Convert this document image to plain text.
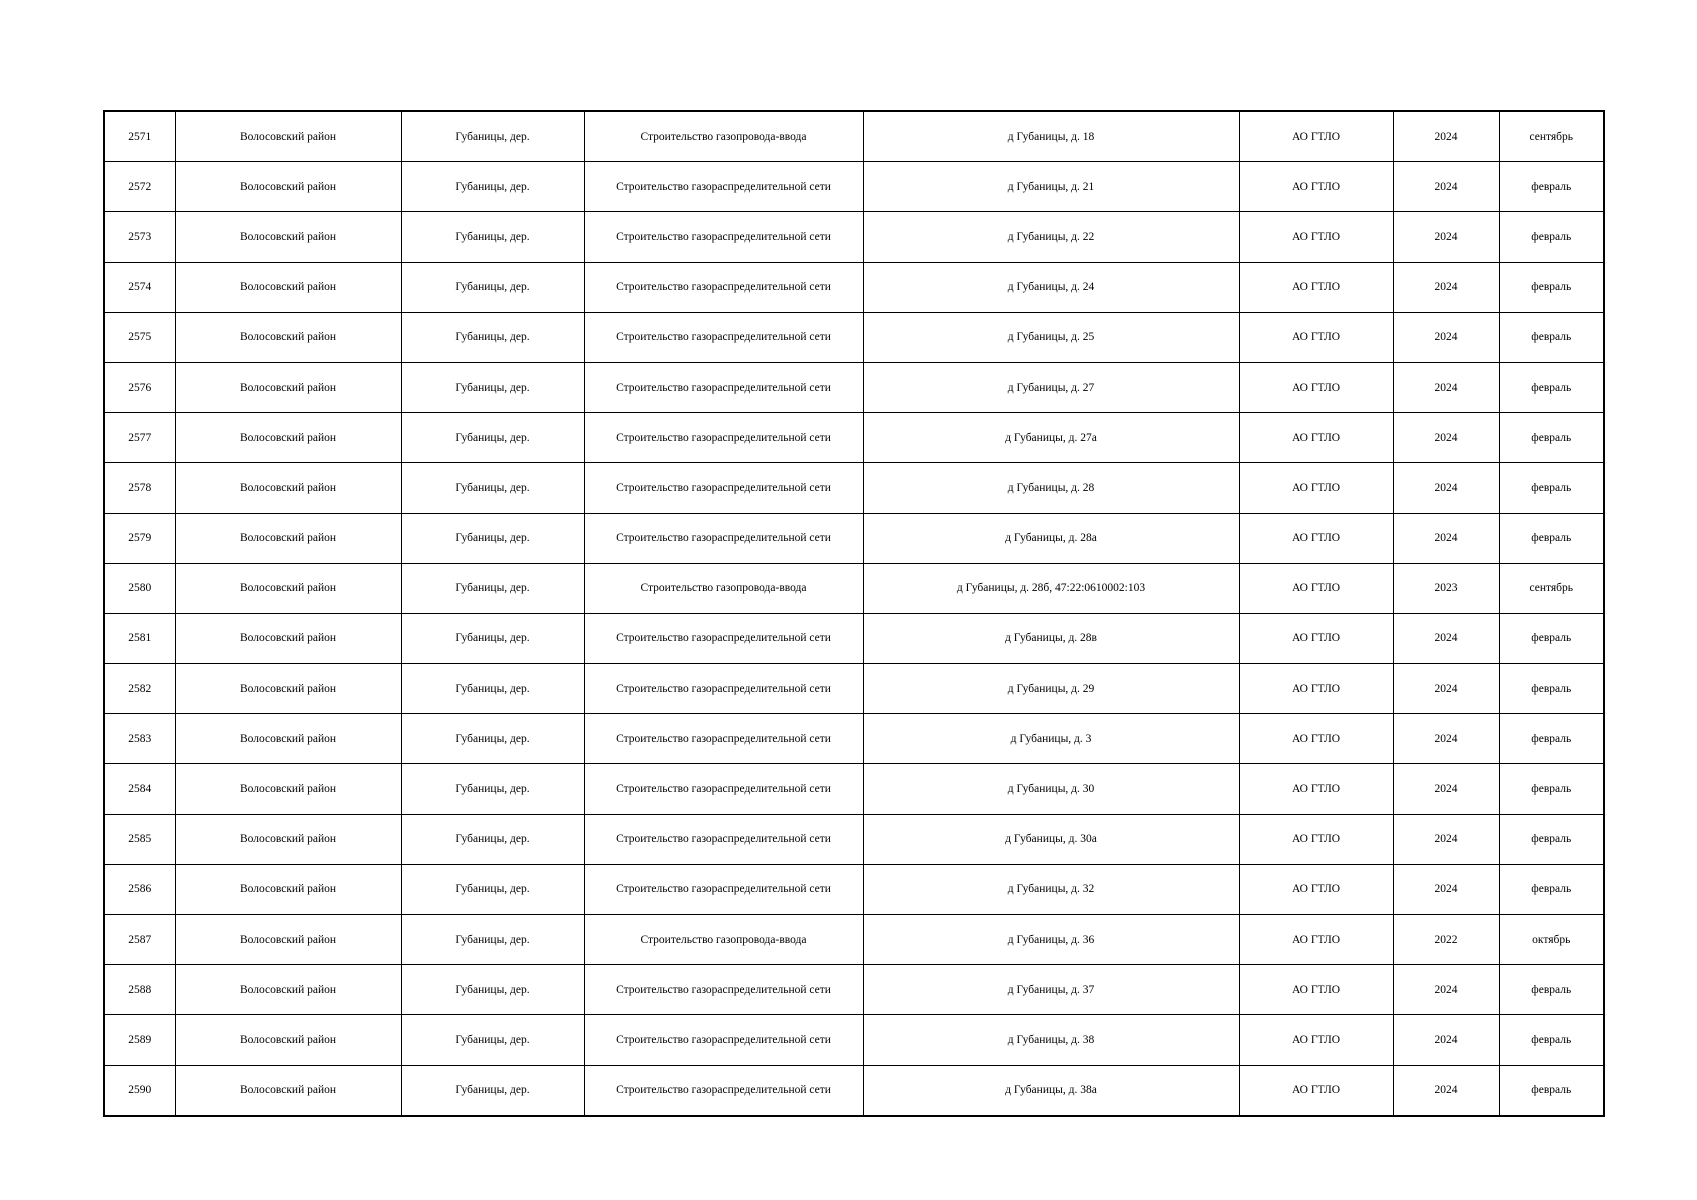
2571	Волосовский район	Губаницы, дер.	Строительство газопровода-ввода	д Губаницы, д. 18	АО ГТЛО	2024	сентябрь
2572	Волосовский район	Губаницы, дер.	Строительство газораспределительной сети	д Губаницы, д. 21	АО ГТЛО	2024	февраль
2573	Волосовский район	Губаницы, дер.	Строительство газораспределительной сети	д Губаницы, д. 22	АО ГТЛО	2024	февраль
2574	Волосовский район	Губаницы, дер.	Строительство газораспределительной сети	д Губаницы, д. 24	АО ГТЛО	2024	февраль
2575	Волосовский район	Губаницы, дер.	Строительство газораспределительной сети	д Губаницы, д. 25	АО ГТЛО	2024	февраль
2576	Волосовский район	Губаницы, дер.	Строительство газораспределительной сети	д Губаницы, д. 27	АО ГТЛО	2024	февраль
2577	Волосовский район	Губаницы, дер.	Строительство газораспределительной сети	д Губаницы, д. 27а	АО ГТЛО	2024	февраль
2578	Волосовский район	Губаницы, дер.	Строительство газораспределительной сети	д Губаницы, д. 28	АО ГТЛО	2024	февраль
2579	Волосовский район	Губаницы, дер.	Строительство газораспределительной сети	д Губаницы, д. 28а	АО ГТЛО	2024	февраль
2580	Волосовский район	Губаницы, дер.	Строительство газопровода-ввода	д Губаницы, д. 28б, 47:22:0610002:103	АО ГТЛО	2023	сентябрь
2581	Волосовский район	Губаницы, дер.	Строительство газораспределительной сети	д Губаницы, д. 28в	АО ГТЛО	2024	февраль
2582	Волосовский район	Губаницы, дер.	Строительство газораспределительной сети	д Губаницы, д. 29	АО ГТЛО	2024	февраль
2583	Волосовский район	Губаницы, дер.	Строительство газораспределительной сети	д Губаницы, д. 3	АО ГТЛО	2024	февраль
2584	Волосовский район	Губаницы, дер.	Строительство газораспределительной сети	д Губаницы, д. 30	АО ГТЛО	2024	февраль
2585	Волосовский район	Губаницы, дер.	Строительство газораспределительной сети	д Губаницы, д. 30а	АО ГТЛО	2024	февраль
2586	Волосовский район	Губаницы, дер.	Строительство газораспределительной сети	д Губаницы, д. 32	АО ГТЛО	2024	февраль
2587	Волосовский район	Губаницы, дер.	Строительство газопровода-ввода	д Губаницы, д. 36	АО ГТЛО	2022	октябрь
2588	Волосовский район	Губаницы, дер.	Строительство газораспределительной сети	д Губаницы, д. 37	АО ГТЛО	2024	февраль
2589	Волосовский район	Губаницы, дер.	Строительство газораспределительной сети	д Губаницы, д. 38	АО ГТЛО	2024	февраль
2590	Волосовский район	Губаницы, дер.	Строительство газораспределительной сети	д Губаницы, д. 38а	АО ГТЛО	2024	февраль
